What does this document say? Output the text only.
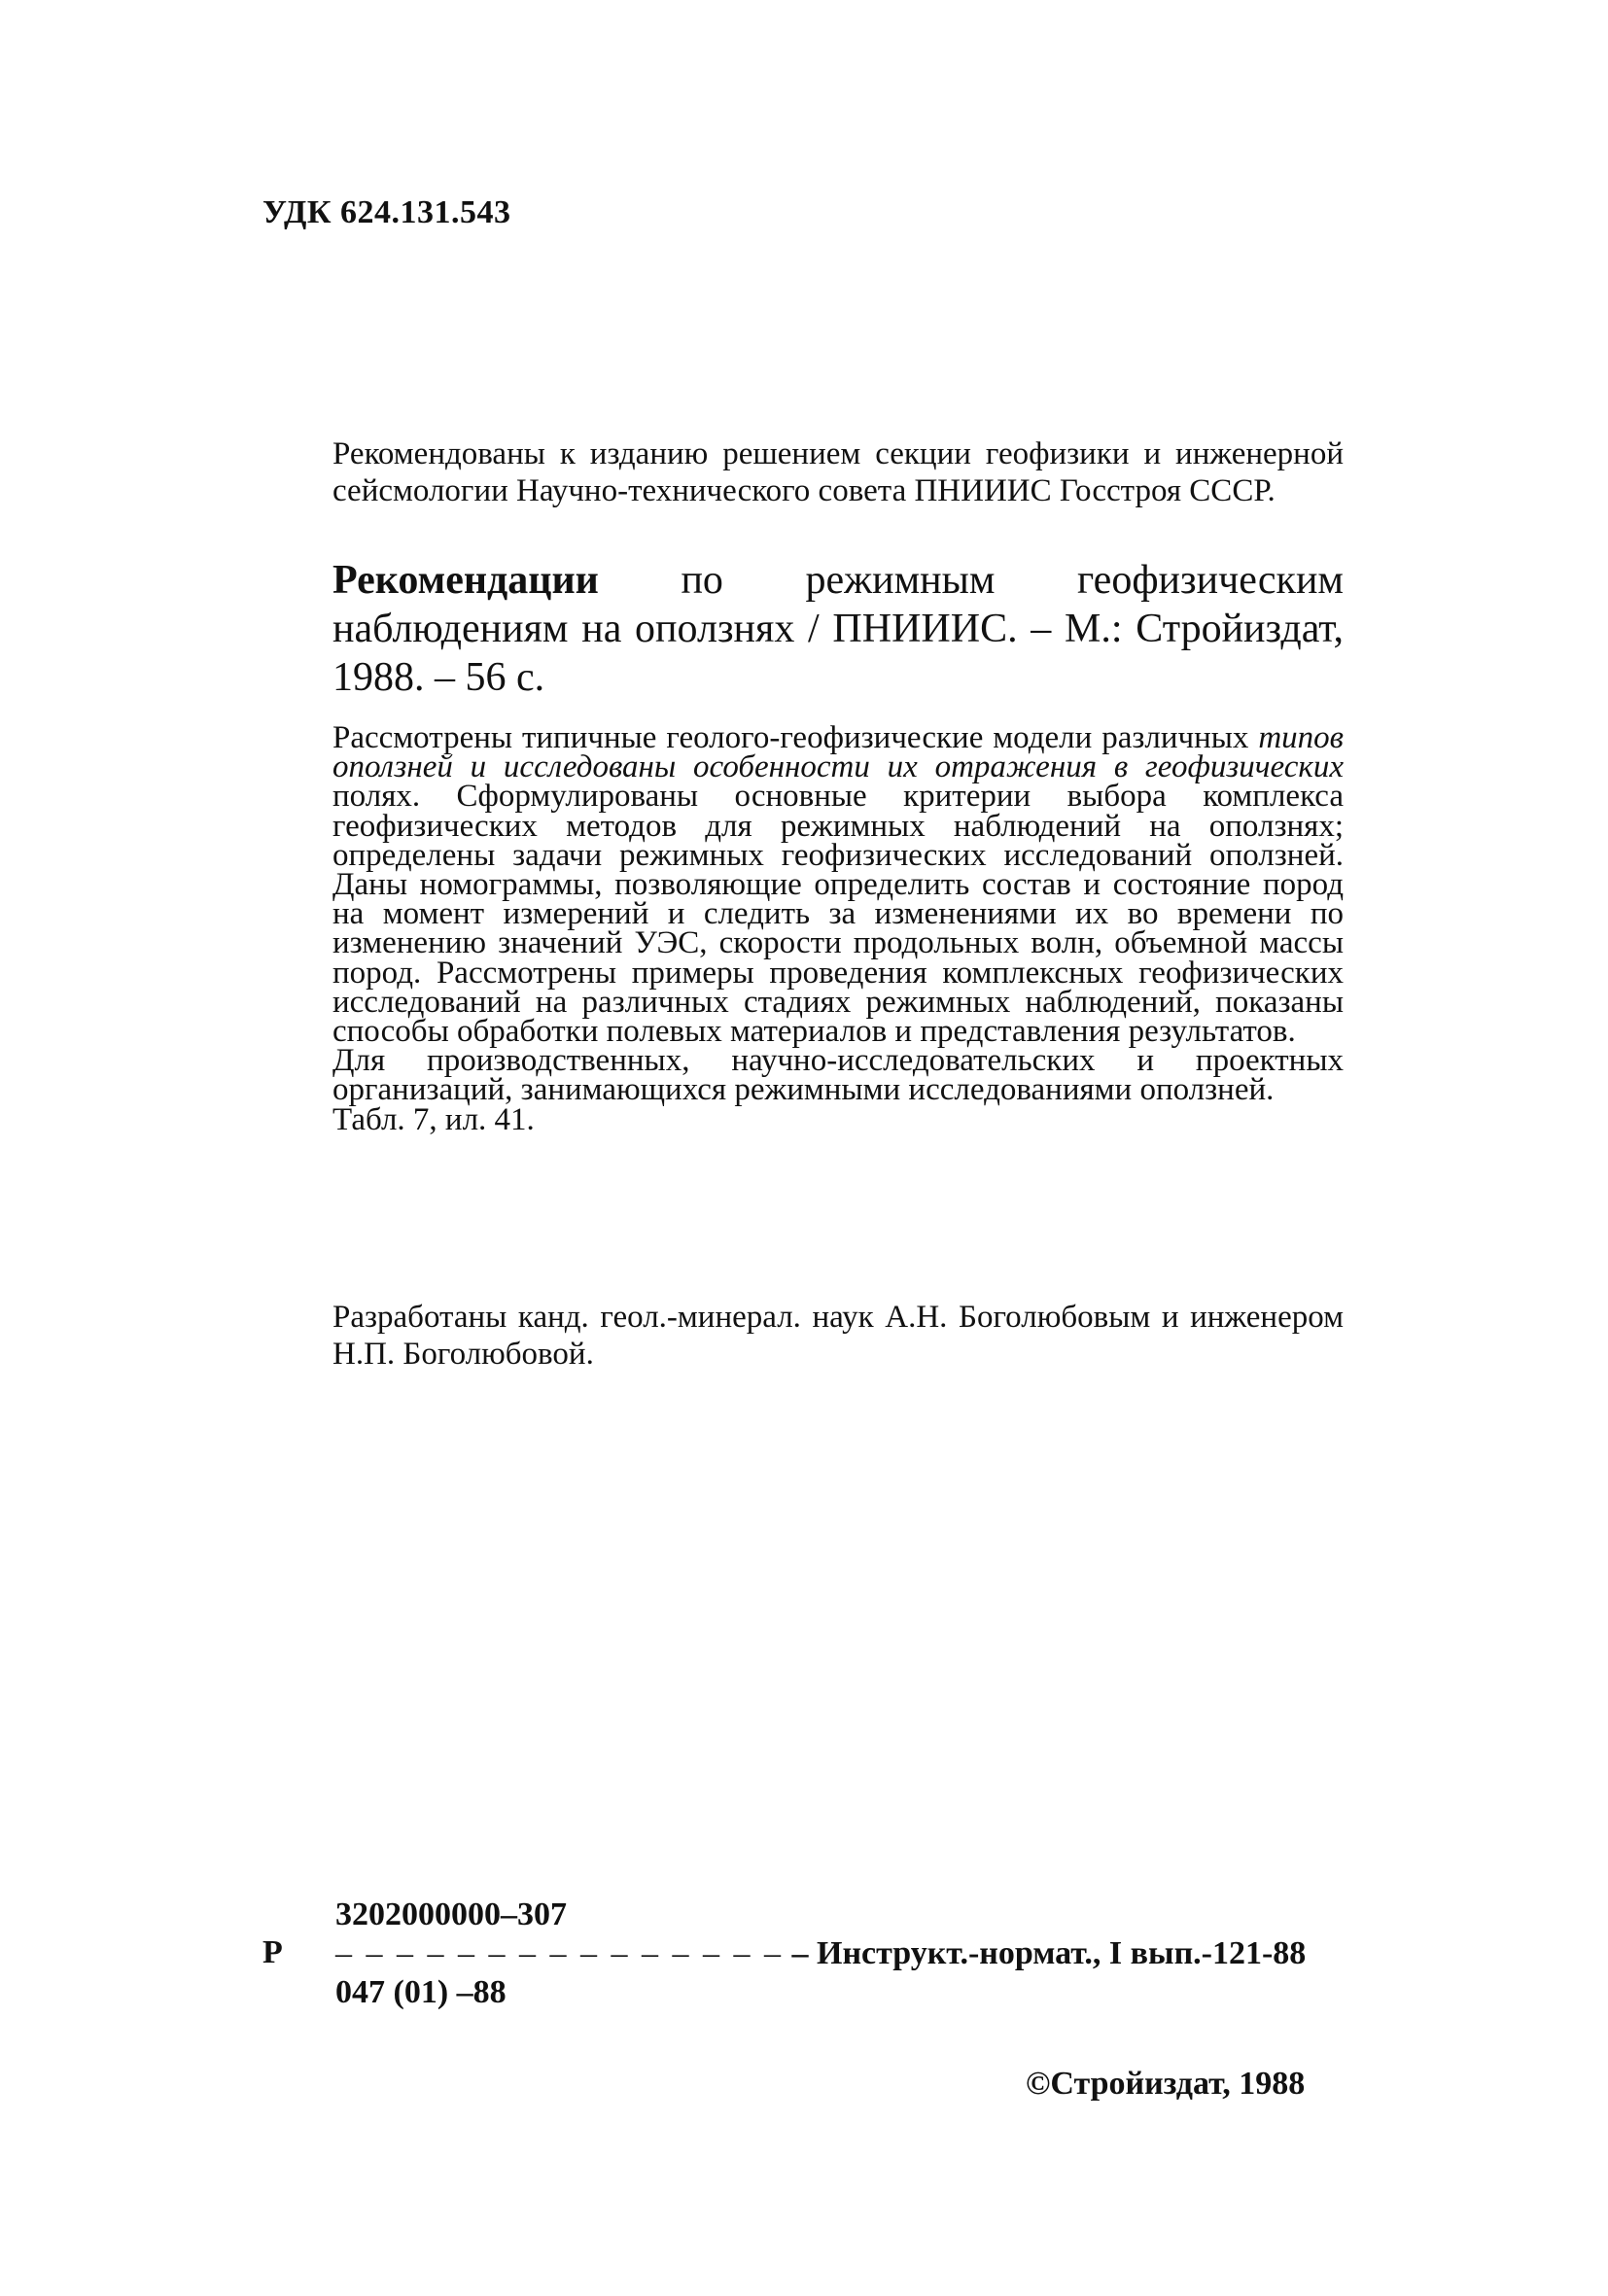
УДК 624.131.543
Рекомендованы к изданию решением секции геофизики и инженерной сейсмологии Научно-технического совета ПНИИИС Госстроя СССР.
Рекомендации по режимным геофизическим наблюдениям на оползнях / ПНИИИС. – М.: Стройиздат, 1988. – 56 с.

Рассмотрены типичные геолого-геофизические модели различных типов оползней и исследованы особенности их отражения в геофизических полях. Сформулированы основные критерии выбора комплекса геофизических методов для режимных наблюдений на оползнях; определены задачи режимных геофизических исследований оползней. Даны номограммы, позволяющие определить состав и состояние пород на момент измерений и следить за изменениями их во времени по изменению значений УЭС, скорости продольных волн, объемной массы пород. Рассмотрены примеры проведения комплексных геофизических исследований на различных стадиях режимных наблюдений, показаны способы обработки полевых материалов и представления результатов.

Для производственных, научно-исследовательских и проектных организаций, занимающихся режимными исследованиями оползней.

Табл. 7, ил. 41.

Разработаны канд. геол.-минерал. наук А.Н. Боголюбовым и инженером Н.П. Боголюбовой.
Р
3202000000–307
– – – – – – – – – – – – – – – – Инструкт.-нормат., I вып.-121-88
047 (01) –88
©Стройиздат, 1988
